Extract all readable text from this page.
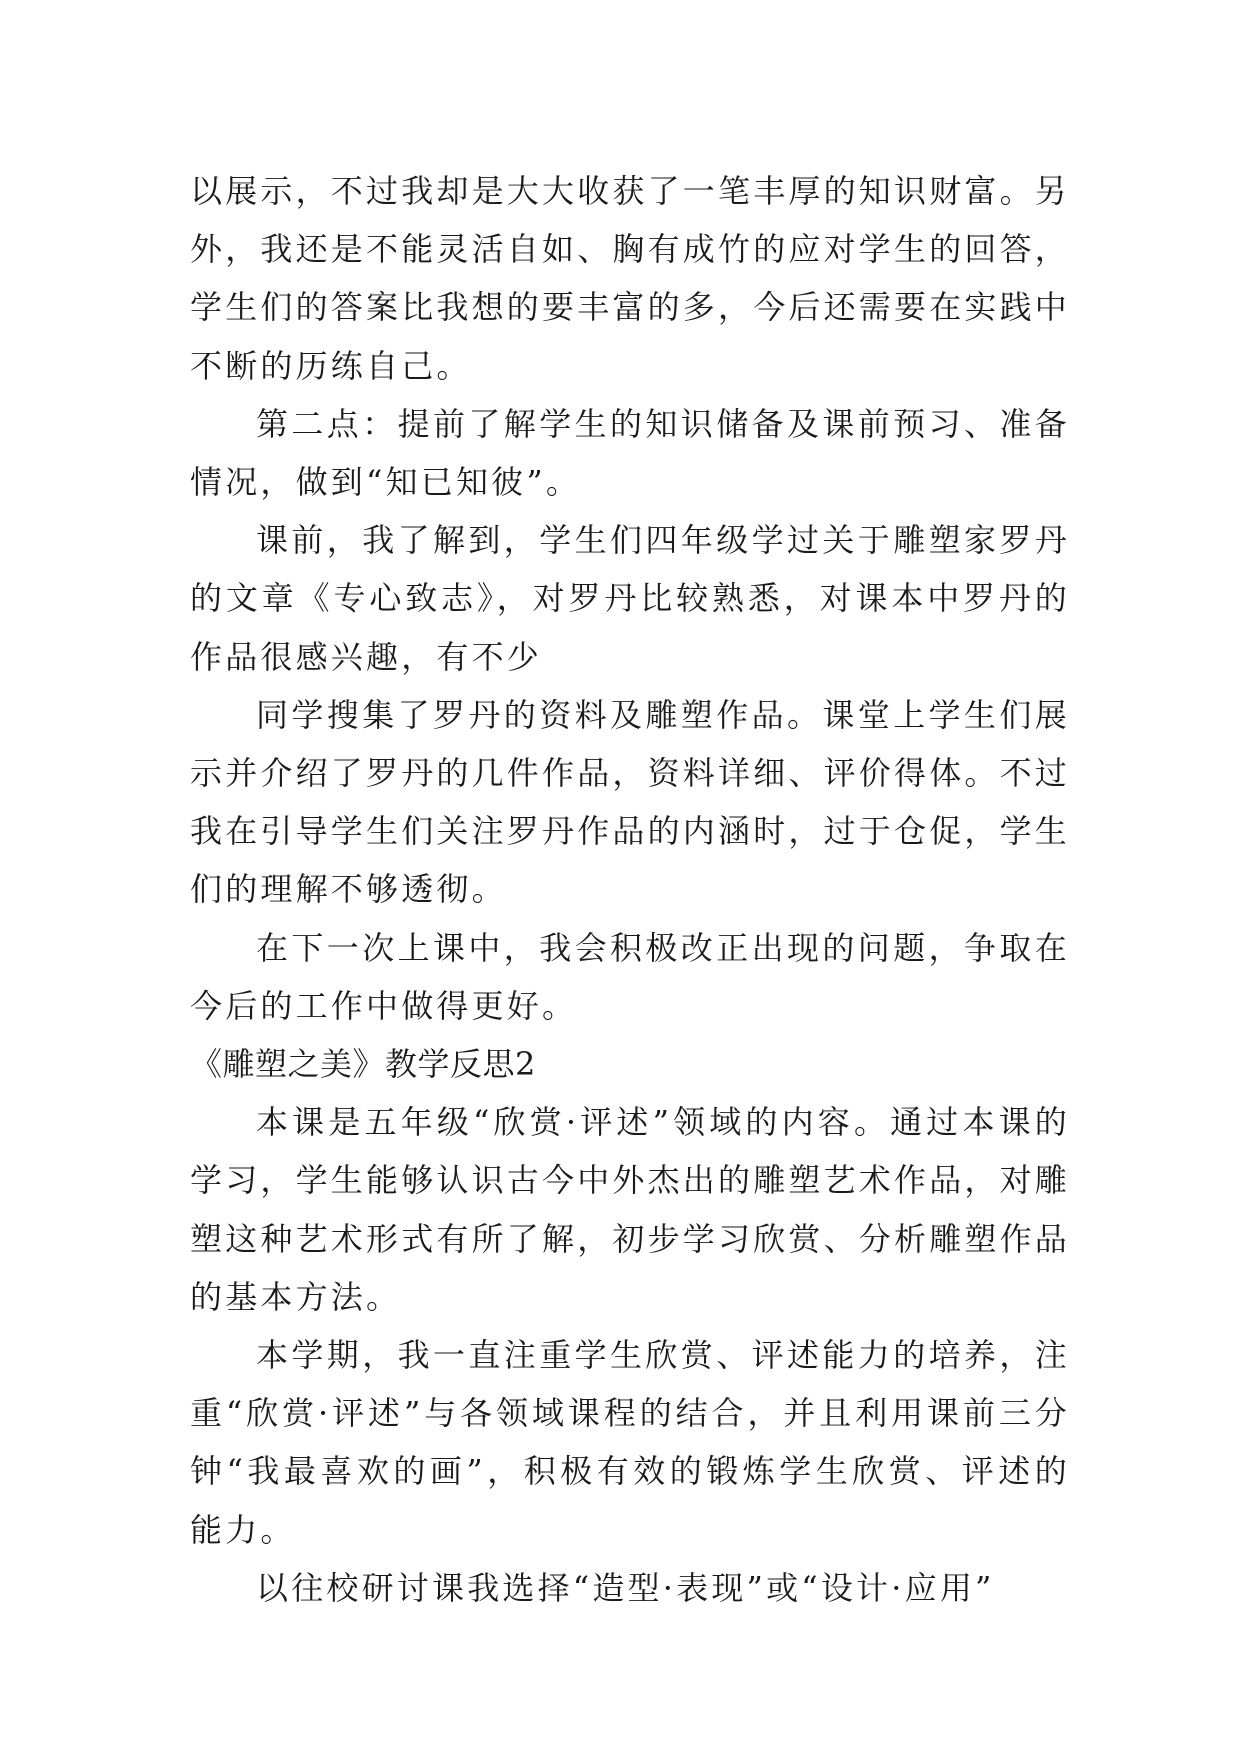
以展示，不过我却是大大收获了一笔丰厚的知识财富。另外，我还是不能灵活自如、胸有成竹的应对学生的回答，学生们的答案比我想的要丰富的多，今后还需要在实践中不断的历练自己。

第二点：提前了解学生的知识储备及课前预习、准备情况，做到“知已知彼”。

课前，我了解到，学生们四年级学过关于雕塑家罗丹的文章《专心致志》，对罗丹比较熟悉，对课本中罗丹的作品很感兴趣，有不少

同学搜集了罗丹的资料及雕塑作品。课堂上学生们展示并介绍了罗丹的几件作品，资料详细、评价得体。不过我在引导学生们关注罗丹作品的内涵时，过于仓促，学生们的理解不够透彻。

在下一次上课中，我会积极改正出现的问题，争取在今后的工作中做得更好。

《雕塑之美》教学反思2

本课是五年级“欣赏·评述”领域的内容。通过本课的学习，学生能够认识古今中外杰出的雕塑艺术作品，对雕塑这种艺术形式有所了解，初步学习欣赏、分析雕塑作品的基本方法。

本学期，我一直注重学生欣赏、评述能力的培养，注重“欣赏·评述”与各领域课程的结合，并且利用课前三分钟“我最喜欢的画”，积极有效的锻炼学生欣赏、评述的能力。

以往校研讨课我选择“造型·表现”或“设计·应用”
